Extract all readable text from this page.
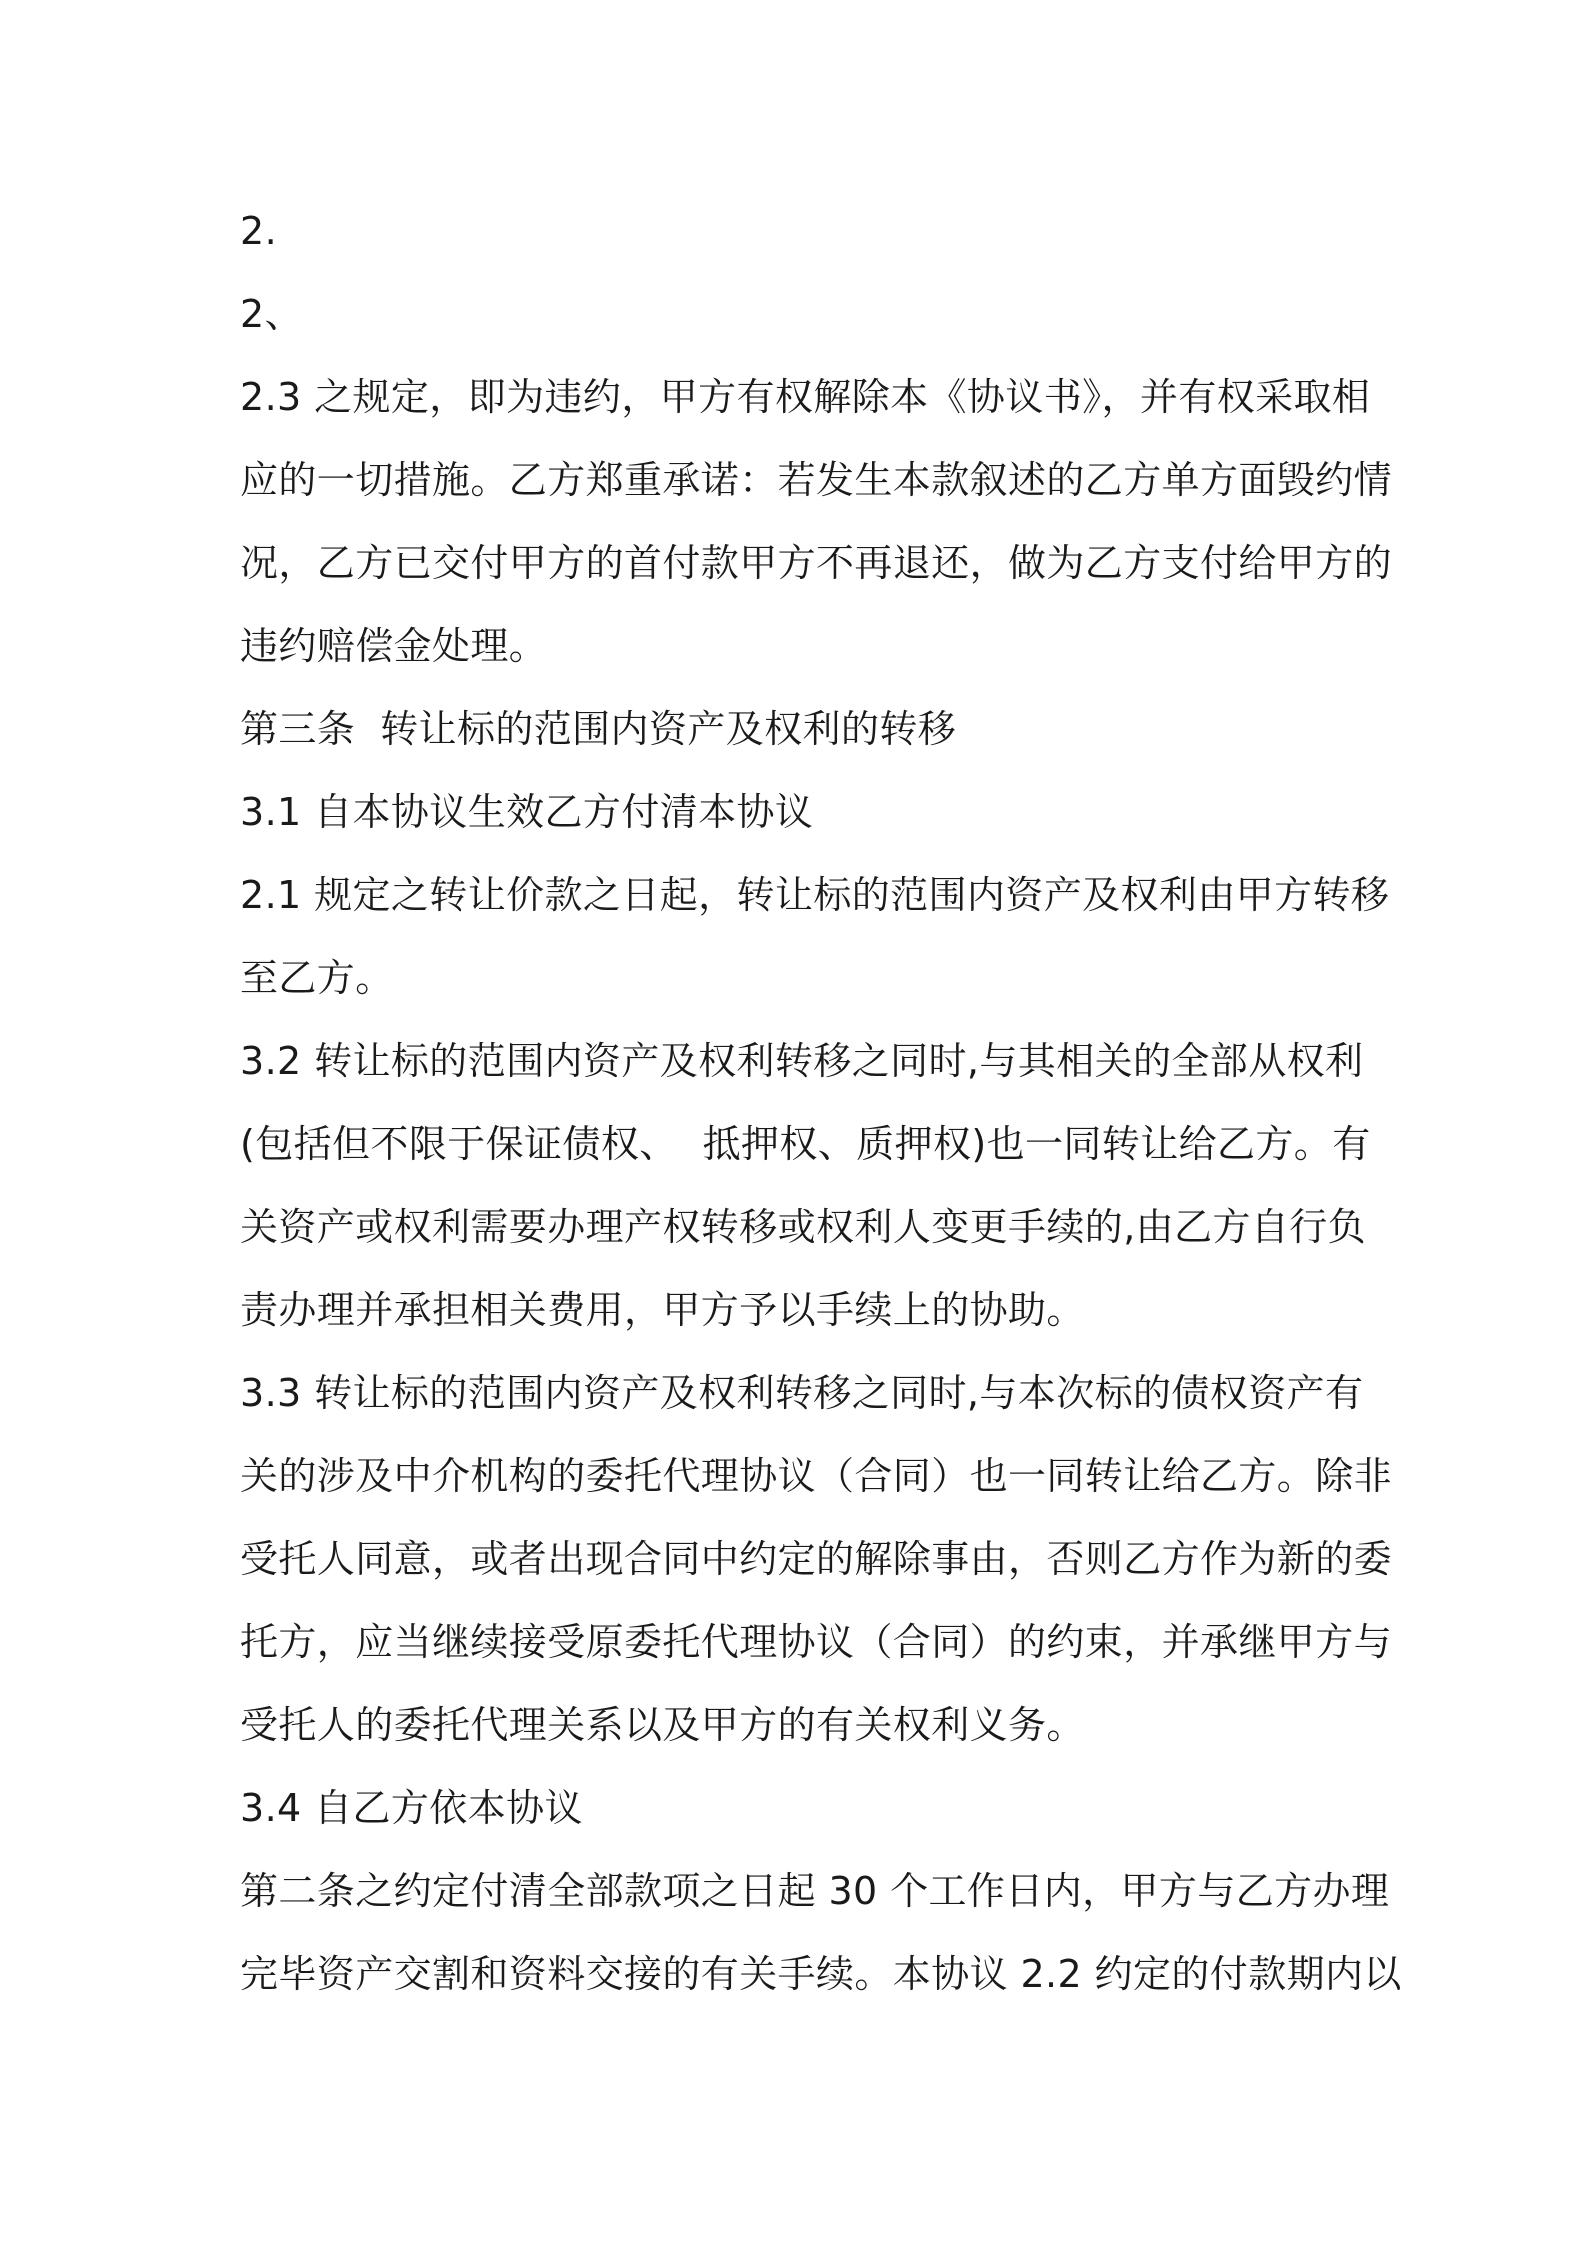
2.
2、
2.3 之规定，即为违约，甲方有权解除本《协议书》，并有权采取相
应的一切措施。乙方郑重承诺：若发生本款叙述的乙方单方面毁约情
况，乙方已交付甲方的首付款甲方不再退还，做为乙方支付给甲方的
违约赔偿金处理。
第三条  转让标的范围内资产及权利的转移
3.1 自本协议生效乙方付清本协议
2.1 规定之转让价款之日起，转让标的范围内资产及权利由甲方转移
至乙方。
3.2 转让标的范围内资产及权利转移之同时,与其相关的全部从权利
(包括但不限于保证债权、  抵押权、质押权)也一同转让给乙方。有
关资产或权利需要办理产权转移或权利人变更手续的,由乙方自行负
责办理并承担相关费用，甲方予以手续上的协助。
3.3 转让标的范围内资产及权利转移之同时,与本次标的债权资产有
关的涉及中介机构的委托代理协议（合同）也一同转让给乙方。除非
受托人同意，或者出现合同中约定的解除事由，否则乙方作为新的委
托方，应当继续接受原委托代理协议（合同）的约束，并承继甲方与
受托人的委托代理关系以及甲方的有关权利义务。
3.4 自乙方依本协议
第二条之约定付清全部款项之日起 30 个工作日内，甲方与乙方办理
完毕资产交割和资料交接的有关手续。本协议 2.2 约定的付款期内以
